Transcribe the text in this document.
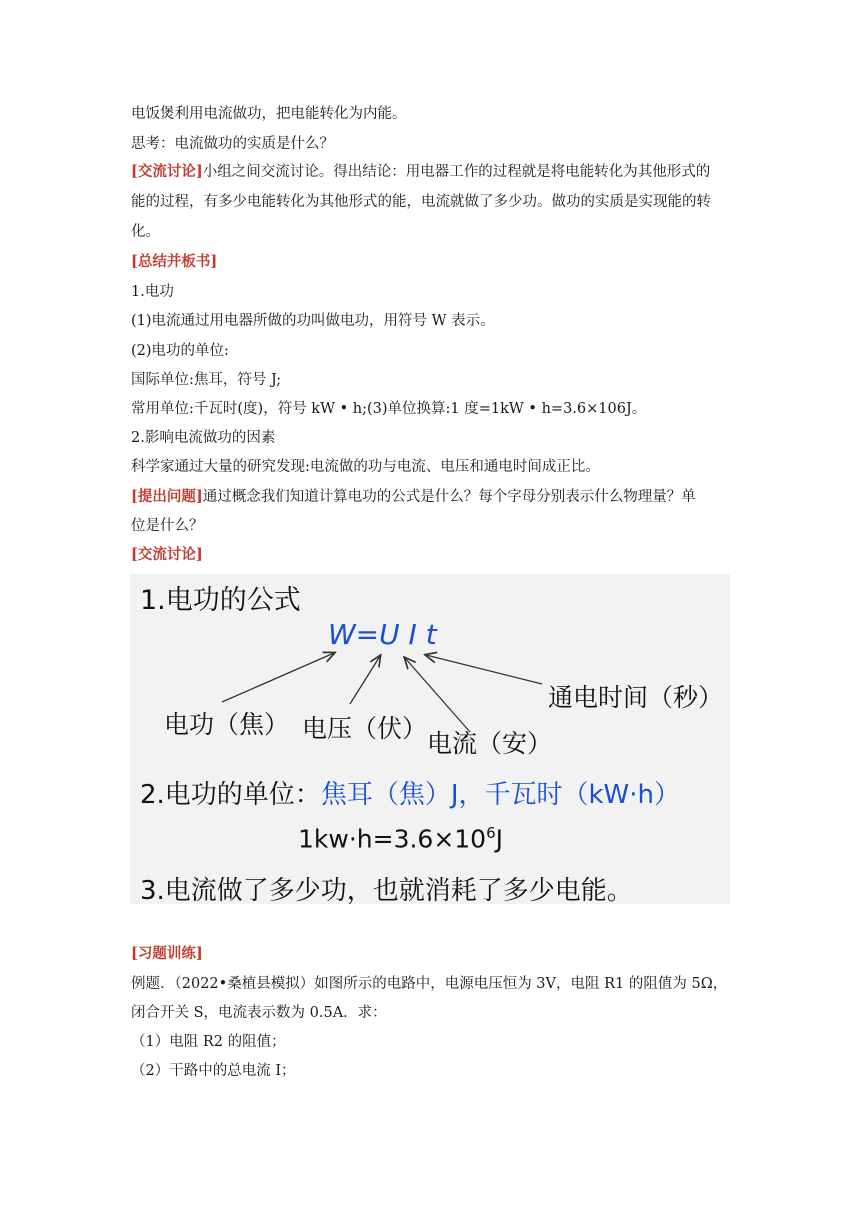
电饭煲利用电流做功，把电能转化为内能。
思考：电流做功的实质是什么？
[交流讨论]小组之间交流讨论。得出结论：用电器工作的过程就是将电能转化为其他形式的
能的过程，有多少电能转化为其他形式的能，电流就做了多少功。做功的实质是实现能的转
化。
[总结并板书]
1.电功
(1)电流通过用电器所做的功叫做电功，用符号 W 表示。
(2)电功的单位:
国际单位:焦耳，符号 J;
常用单位:千瓦时(度)，符号 kW • h;(3)单位换算:1 度=1kW • h=3.6×106J。
2.影响电流做功的因素
科学家通过大量的研究发现:电流做的功与电流、电压和通电时间成正比。
[提出问题]通过概念我们知道计算电功的公式是什么？每个字母分别表示什么物理量？单
位是什么？
[交流讨论]
1.电功的公式
W=U I t
通电时间（秒）
电功（焦） 电压（伏）
电流（安）
2.电功的单位：焦耳（焦）J，千瓦时（kW·h）
$1kw\cdot h=3.6\times 10^6J$
3.电流做了多少功，也就消耗了多少电能。
[习题训练]
例题．（2022•桑植县模拟）如图所示的电路中，电源电压恒为 3V，电阻 R1 的阻值为 5Ω，
闭合开关 S，电流表示数为 0.5A．求：
（1）电阻 R2 的阻值；
（2）干路中的总电流 I；
